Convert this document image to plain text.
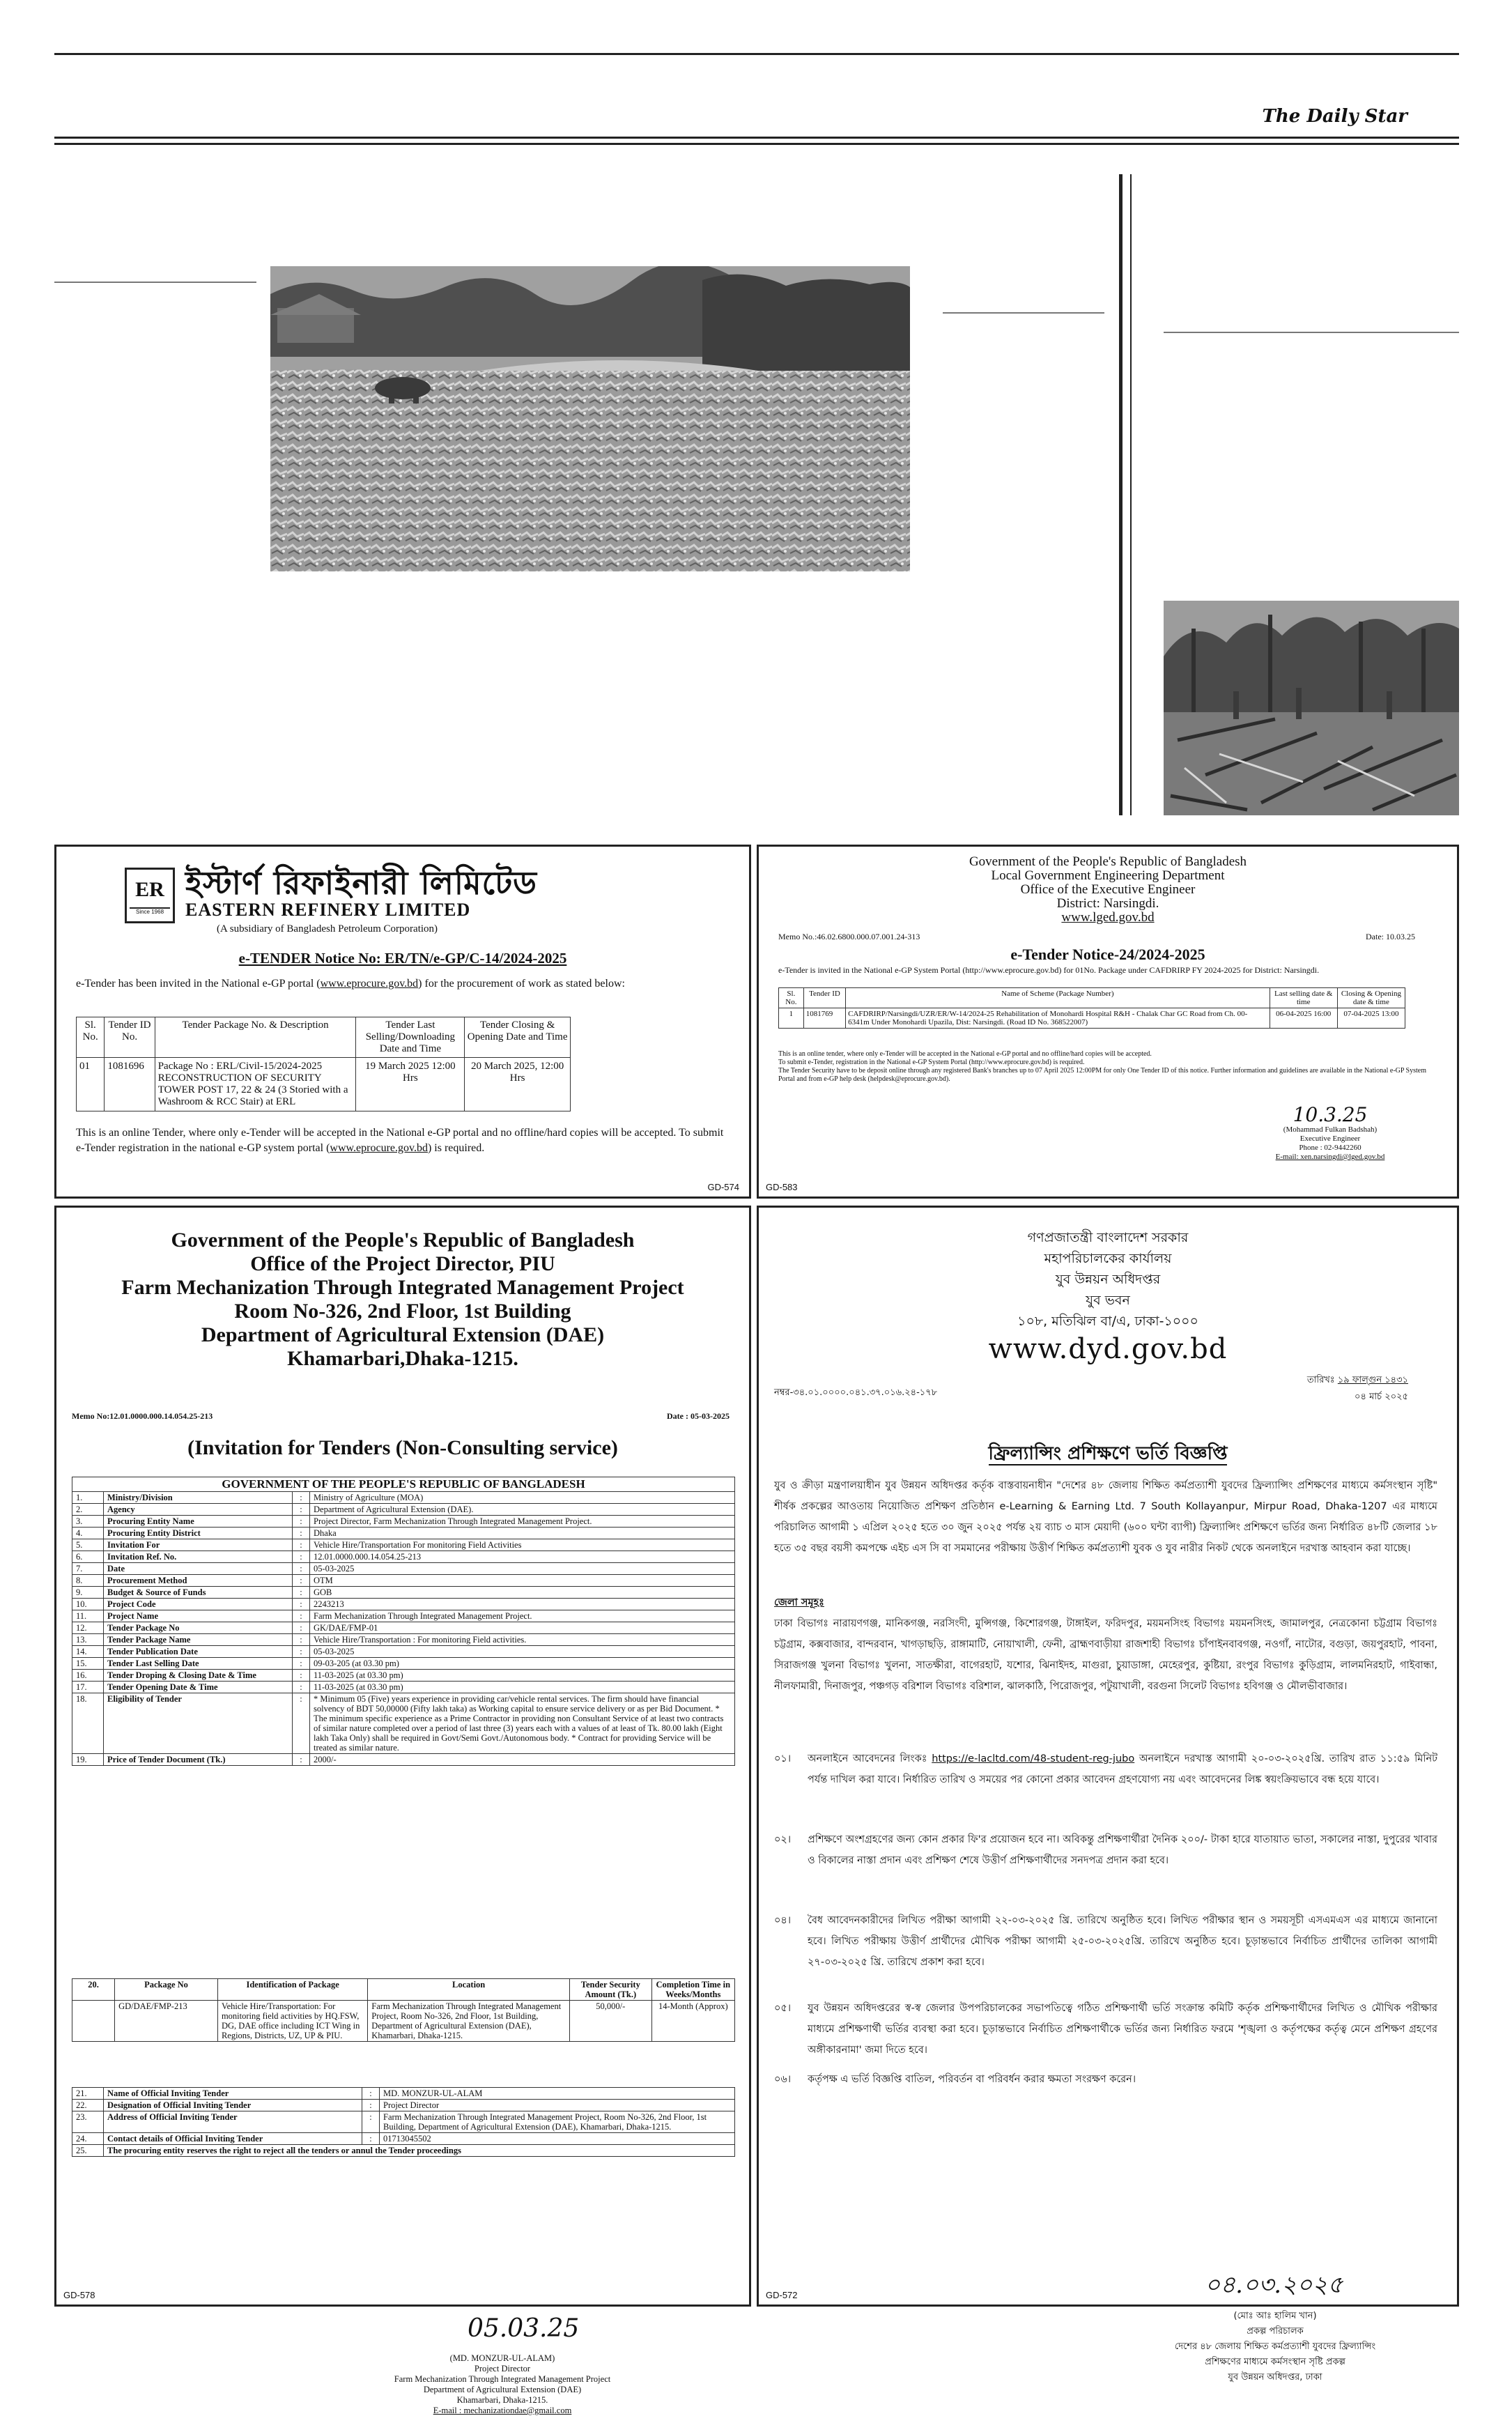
The Daily Star
ER
Since 1968
ইস্টার্ণ রিফাইনারী লিমিটেড
EASTERN REFINERY LIMITED
(A subsidiary of Bangladesh Petroleum Corporation)
e-TENDER Notice No: ER/TN/e-GP/C-14/2024-2025
e-Tender has been invited in the National e-GP portal (www.eprocure.gov.bd) for the procurement of work as stated below:
Sl. No.	Tender ID No.	Tender Package No. & Description	Tender Last Selling/Downloading Date and Time	Tender Closing & Opening Date and Time
01	1081696	Package No : ERL/Civil-15/2024-2025
RECONSTRUCTION OF SECURITY TOWER POST 17, 22 & 24 (3 Storied with a Washroom & RCC Stair) at ERL	19 March 2025 12:00 Hrs	20 March 2025, 12:00 Hrs
This is an online Tender, where only e-Tender will be accepted in the National e-GP portal and no offline/hard copies will be accepted. To submit e-Tender registration in the national e-GP system portal (www.eprocure.gov.bd) is required.
GD-574
Government of the People's Republic of Bangladesh
Local Government Engineering Department
Office of the Executive Engineer
District: Narsingdi.
www.lged.gov.bd
Memo No.:46.02.6800.000.07.001.24-313	Date: 10.03.25
e-Tender Notice-24/2024-2025
e-Tender is invited in the National e-GP System Portal (http://www.eprocure.gov.bd) for 01No. Package under CAFDRIRP FY 2024-2025 for District: Narsingdi.
Sl. No.	Tender ID	Name of Scheme (Package Number)	Last selling date & time	Closing & Opening date & time
1	1081769	CAFDRIRP/Narsingdi/UZR/ER/W-14/2024-25 Rehabilitation of Monohardi Hospital R&H - Chalak Char GC Road from Ch. 00-6341m Under Monohardi Upazila, Dist: Narsingdi. (Road ID No. 368522007)	06-04-2025 16:00	07-04-2025 13:00
This is an online tender, where only e-Tender will be accepted in the National e-GP portal and no offline/hard copies will be accepted.
To submit e-Tender, registration in the National e-GP System Portal (http://www.eprocure.gov.bd) is required.
The Tender Security have to be deposit online through any registered Bank's branches up to 07 April 2025 12:00PM for only One Tender ID of this notice. Further information and guidelines are available in the National e-GP System Portal and from e-GP help desk (helpdesk@eprocure.gov.bd).
10.3.25
(Mohammad Fulkan Badshah)
Executive Engineer
Phone : 02-9442260
E-mail: xen.narsingdi@lged.gov.bd
GD-583
Government of the People's Republic of Bangladesh
Office of the Project Director, PIU
Farm Mechanization Through Integrated Management Project
Room No-326, 2nd Floor, 1st Building
Department of Agricultural Extension (DAE)
Khamarbari,Dhaka-1215.
Memo No:12.01.0000.000.14.054.25-213	Date : 05-03-2025
(Invitation for Tenders (Non-Consulting service)
GOVERNMENT OF THE PEOPLE'S REPUBLIC OF BANGLADESH			
1.	Ministry/Division	:	Ministry of Agriculture (MOA)
2.	Agency	:	Department of Agricultural Extension (DAE).
3.	Procuring Entity Name	:	Project Director, Farm Mechanization Through Integrated Management Project.
4.	Procuring Entity District	:	Dhaka
5.	Invitation For	:	Vehicle Hire/Transportation For monitoring Field Activities
6.	Invitation Ref. No.	:	12.01.0000.000.14.054.25-213
7.	Date	:	05-03-2025
8.	Procurement Method	:	OTM
9.	Budget & Source of Funds	:	GOB
10.	Project Code	:	2243213
11.	Project Name	:	Farm Mechanization Through Integrated Management Project.
12.	Tender Package No	:	GK/DAE/FMP-01
13.	Tender Package Name	:	Vehicle Hire/Transportation : For monitoring Field activities.
14.	Tender Publication Date	:	05-03-2025
15.	Tender Last Selling Date	:	09-03-205 (at 03.30 pm)
16.	Tender Droping & Closing Date & Time	:	11-03-2025 (at 03.30 pm)
17.	Tender Opening Date & Time	:	11-03-2025 (at 03.30 pm)
18.	Eligibility of Tender	:	* Minimum 05 (Five) years experience in providing car/vehicle rental services. The firm should have financial solvency of BDT 50,00000 (Fifty lakh taka) as Working capital to ensure service delivery or as per Bid Document. * The minimum specific experience as a Prime Contractor in providing non Consultant Service of at least two contracts of similar nature completed over a period of last three (3) years each with a values of at least of Tk. 80.00 lakh (Eight lakh Taka Only) shall be required in Govt/Semi Govt./Autonomous body. * Contract for providing Service will be treated as similar nature.
19.	Price of Tender Document (Tk.)	:	2000/-
20.	Package No	Identification of Package	Location	Tender Security Amount (Tk.)	Completion Time in Weeks/Months
	GD/DAE/FMP-213	Vehicle Hire/Transportation: For monitoring field activities by HQ.FSW, DG, DAE office including ICT Wing in Regions, Districts, UZ, UP & PIU.	Farm Mechanization Through Integrated Management Project, Room No-326, 2nd Floor, 1st Building, Department of Agricultural Extension (DAE), Khamarbari, Dhaka-1215.	50,000/-	14-Month (Approx)
21.	Name of Official Inviting Tender	:	MD. MONZUR-UL-ALAM
22.	Designation of Official Inviting Tender	:	Project Director
23.	Address of Official Inviting Tender	:	Farm Mechanization Through Integrated Management Project, Room No-326, 2nd Floor, 1st Building, Department of Agricultural Extension (DAE), Khamarbari, Dhaka-1215.
24.	Contact details of Official Inviting Tender	:	01713045502
25.	The procuring entity reserves the right to reject all the tenders or annul the Tender proceedings		
05.03.25
(MD. MONZUR-UL-ALAM)
Project Director
Farm Mechanization Through Integrated Management Project
Department of Agricultural Extension (DAE)
Khamarbari, Dhaka-1215.
E-mail : mechanizationdae@gmail.com
GD-578
গণপ্রজাতন্ত্রী বাংলাদেশ সরকার
মহাপরিচালকের কার্যালয়
যুব উন্নয়ন অধিদপ্তর
যুব ভবন
১০৮, মতিঝিল বা/এ, ঢাকা-১০০০
www.dyd.gov.bd
নম্বর-৩৪.০১.০০০০.০৪১.৩৭.০১৬.২৪-১৭৮
তারিখঃ ১৯ ফাল্গুন ১৪৩১
০৪ মার্চ ২০২৫
ফ্রিল্যান্সিং প্রশিক্ষণে ভর্তি বিজ্ঞপ্তি
যুব ও ক্রীড়া মন্ত্রণালয়াধীন যুব উন্নয়ন অধিদপ্তর কর্তৃক বাস্তবায়নাধীন "দেশের ৪৮ জেলায় শিক্ষিত কর্মপ্রত্যাশী যুবদের ফ্রিল্যান্সিং প্রশিক্ষণের মাধ্যমে কর্মসংস্থান সৃষ্টি" শীর্ষক প্রকল্পের আওতায় নিয়োজিত প্রশিক্ষণ প্রতিষ্ঠান e-Learning & Earning Ltd. 7 South Kollayanpur, Mirpur Road, Dhaka-1207 এর মাধ্যমে পরিচালিত আগামী ১ এপ্রিল ২০২৫ হতে ৩০ জুন ২০২৫ পর্যন্ত ২য় ব্যাচ ৩ মাস মেয়াদী (৬০০ ঘন্টা ব্যাপী) ফ্রিল্যান্সিং প্রশিক্ষণে ভর্তির জন্য নির্ধারিত ৪৮টি জেলার ১৮ হতে ৩৫ বছর বয়সী কমপক্ষে এইচ এস সি বা সমমানের পরীক্ষায় উত্তীর্ণ শিক্ষিত কর্মপ্রত্যাশী যুবক ও যুব নারীর নিকট থেকে অনলাইনে দরখাস্ত আহবান করা যাচ্ছে।
জেলা সমূহঃ
ঢাকা বিভাগঃ নারায়ণগঞ্জ, মানিকগঞ্জ, নরসিংদী, মুন্সিগঞ্জ, কিশোরগঞ্জ, টাঙ্গাইল, ফরিদপুর, ময়মনসিংহ বিভাগঃ ময়মনসিংহ, জামালপুর, নেত্রকোনা চট্টগ্রাম বিভাগঃ চট্টগ্রাম, কক্সবাজার, বান্দরবান, খাগড়াছড়ি, রাঙ্গামাটি, নোয়াখালী, ফেনী, ব্রাহ্মণবাড়ীয়া রাজশাহী বিভাগঃ চাঁপাইনবাবগঞ্জ, নওগাঁ, নাটোর, বগুড়া, জয়পুরহাট, পাবনা, সিরাজগঞ্জ খুলনা বিভাগঃ খুলনা, সাতক্ষীরা, বাগেরহাট, যশোর, ঝিনাইদহ, মাগুরা, চুয়াডাঙ্গা, মেহেরপুর, কুষ্টিয়া, রংপুর বিভাগঃ কুড়িগ্রাম, লালমনিরহাট, গাইবান্ধা, নীলফামারী, দিনাজপুর, পঞ্চগড় বরিশাল বিভাগঃ বরিশাল, ঝালকাঠি, পিরোজপুর, পটুয়াখালী, বরগুনা সিলেট বিভাগঃ হবিগঞ্জ ও মৌলভীবাজার।
০১।	অনলাইনে আবেদনের লিংকঃ https://e-lacltd.com/48-student-reg-jubo অনলাইনে দরখাস্ত আগামী ২০-০৩-২০২৫খ্রি. তারিখ রাত ১১:৫৯ মিনিট পর্যন্ত দাখিল করা যাবে। নির্ধারিত তারিখ ও সময়ের পর কোনো প্রকার আবেদন গ্রহণযোগ্য নয় এবং আবেদনের লিঙ্ক স্বয়ংক্রিয়ভাবে বন্ধ হয়ে যাবে।
০২।	প্রশিক্ষণে অংশগ্রহণের জন্য কোন প্রকার ফি'র প্রয়োজন হবে না। অবিকন্তু প্রশিক্ষণার্থীরা দৈনিক ২০০/- টাকা হারে যাতায়াত ভাতা, সকালের নাস্তা, দুপুরের খাবার ও বিকালের নাস্তা প্রদান এবং প্রশিক্ষণ শেষে উত্তীর্ণ প্রশিক্ষণার্থীদের সনদপত্র প্রদান করা হবে।
০৪।	বৈধ আবেদনকারীদের লিখিত পরীক্ষা আগামী ২২-০৩-২০২৫ খ্রি. তারিখে অনুষ্ঠিত হবে। লিখিত পরীক্ষার স্থান ও সময়সূচী এসএমএস এর মাধ্যমে জানানো হবে। লিখিত পরীক্ষায় উত্তীর্ণ প্রার্থীদের মৌখিক পরীক্ষা আগামী ২৫-০৩-২০২৫খ্রি. তারিখে অনুষ্ঠিত হবে। চূড়ান্তভাবে নির্বাচিত প্রার্থীদের তালিকা আগামী ২৭-০৩-২০২৫ খ্রি. তারিখে প্রকাশ করা হবে।
০৫।	যুব উন্নয়ন অধিদপ্তরের স্ব-স্ব জেলার উপপরিচালকের সভাপতিত্বে গঠিত প্রশিক্ষণার্থী ভর্তি সংক্রান্ত কমিটি কর্তৃক প্রশিক্ষণার্থীদের লিখিত ও মৌখিক পরীক্ষার মাধ্যমে প্রশিক্ষণার্থী ভর্তির ব্যবস্থা করা হবে। চূড়ান্তভাবে নির্বাচিত প্রশিক্ষণার্থীকে ভর্তির জন্য নির্ধারিত ফরমে 'শৃঙ্খলা ও কর্তৃপক্ষের কর্তৃত্ব মেনে প্রশিক্ষণ গ্রহণের অঙ্গীকারনামা' জমা দিতে হবে।
০৬।	কর্তৃপক্ষ এ ভর্তি বিজ্ঞপ্তি বাতিল, পরিবর্তন বা পরিবর্ধন করার ক্ষমতা সংরক্ষণ করেন।
০৪.০৩.২০২৫
(মোঃ আঃ হালিম খান)
প্রকল্প পরিচালক
দেশের ৪৮ জেলায় শিক্ষিত কর্মপ্রত্যাশী যুবদের ফ্রিল্যান্সিং
প্রশিক্ষণের মাধ্যমে কর্মসংস্থান সৃষ্টি প্রকল্প
যুব উন্নয়ন অধিদপ্তর, ঢাকা
GD-572
